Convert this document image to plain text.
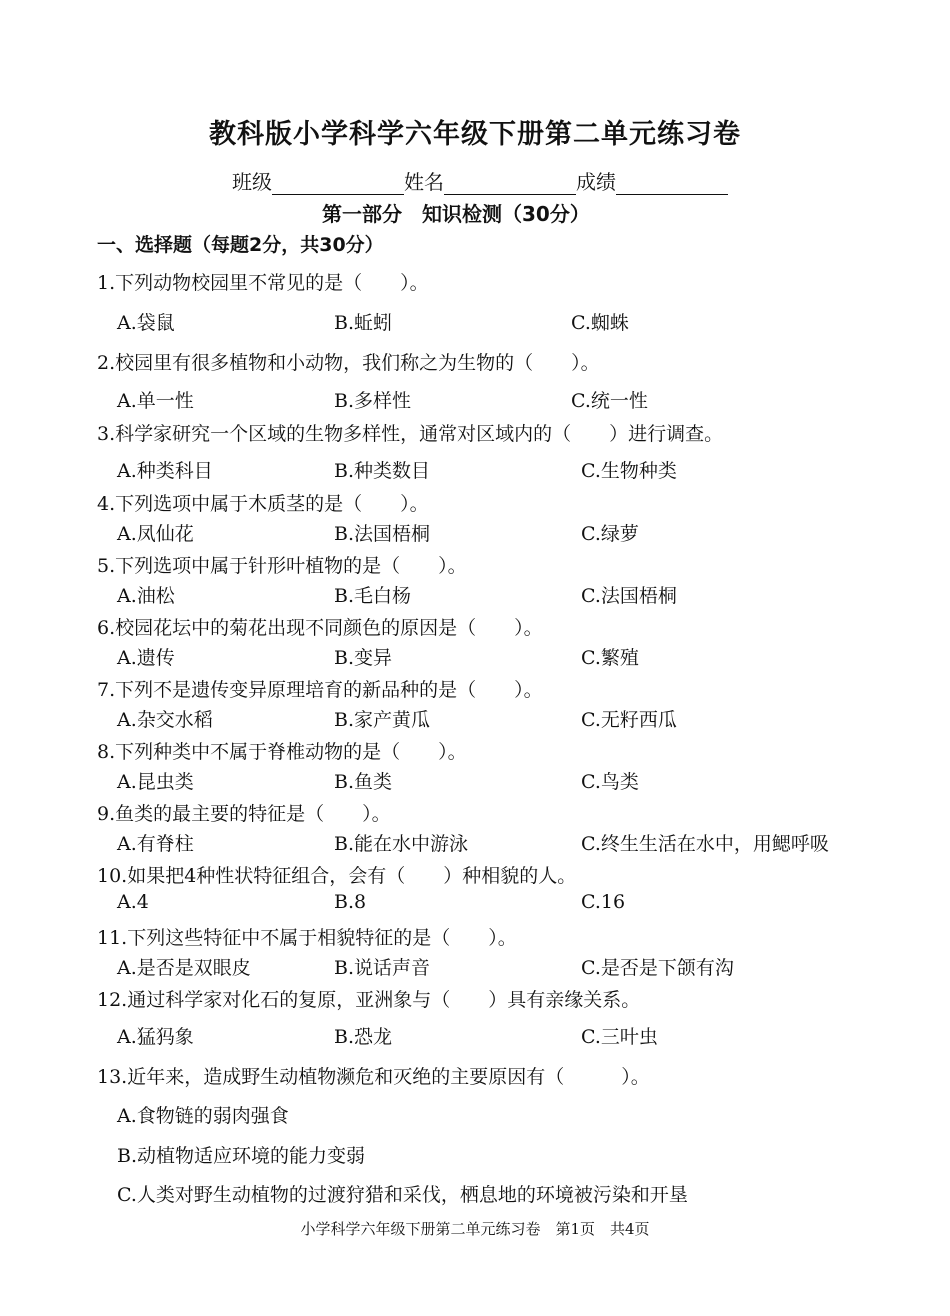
教科版小学科学六年级下册第二单元练习卷
班级	姓名	成绩
第一部分　知识检测（30分）
一、选择题（每题2分，共30分）
1.下列动物校园里不常见的是（　　）。
A.袋鼠	B.蚯蚓	C.蜘蛛
2.校园里有很多植物和小动物，我们称之为生物的（　　）。
A.单一性	B.多样性	C.统一性
3.科学家研究一个区域的生物多样性，通常对区域内的（　　）进行调查。
A.种类科目	B.种类数目	C.生物种类
4.下列选项中属于木质茎的是（　　）。
A.凤仙花	B.法国梧桐	C.绿萝
5.下列选项中属于针形叶植物的是（　　）。
A.油松	B.毛白杨	C.法国梧桐
6.校园花坛中的菊花出现不同颜色的原因是（　　）。
A.遗传	B.变异	C.繁殖
7.下列不是遗传变异原理培育的新品种的是（　　）。
A.杂交水稻	B.家产黄瓜	C.无籽西瓜
8.下列种类中不属于脊椎动物的是（　　）。
A.昆虫类	B.鱼类	C.鸟类
9.鱼类的最主要的特征是（　　）。
A.有脊柱	B.能在水中游泳	C.终生生活在水中，用鳃呼吸
10.如果把4种性状特征组合，会有（　　）种相貌的人。
A.4	B.8	C.16
11.下列这些特征中不属于相貌特征的是（　　）。
A.是否是双眼皮	B.说话声音	C.是否是下颌有沟
12.通过科学家对化石的复原，亚洲象与（　　）具有亲缘关系。
A.猛犸象	B.恐龙	C.三叶虫
13.近年来，造成野生动植物濒危和灭绝的主要原因有（　　　）。
A.食物链的弱肉强食
B.动植物适应环境的能力变弱
C.人类对野生动植物的过渡狩猎和采伐，栖息地的环境被污染和开垦
小学科学六年级下册第二单元练习卷　第1页　共4页
